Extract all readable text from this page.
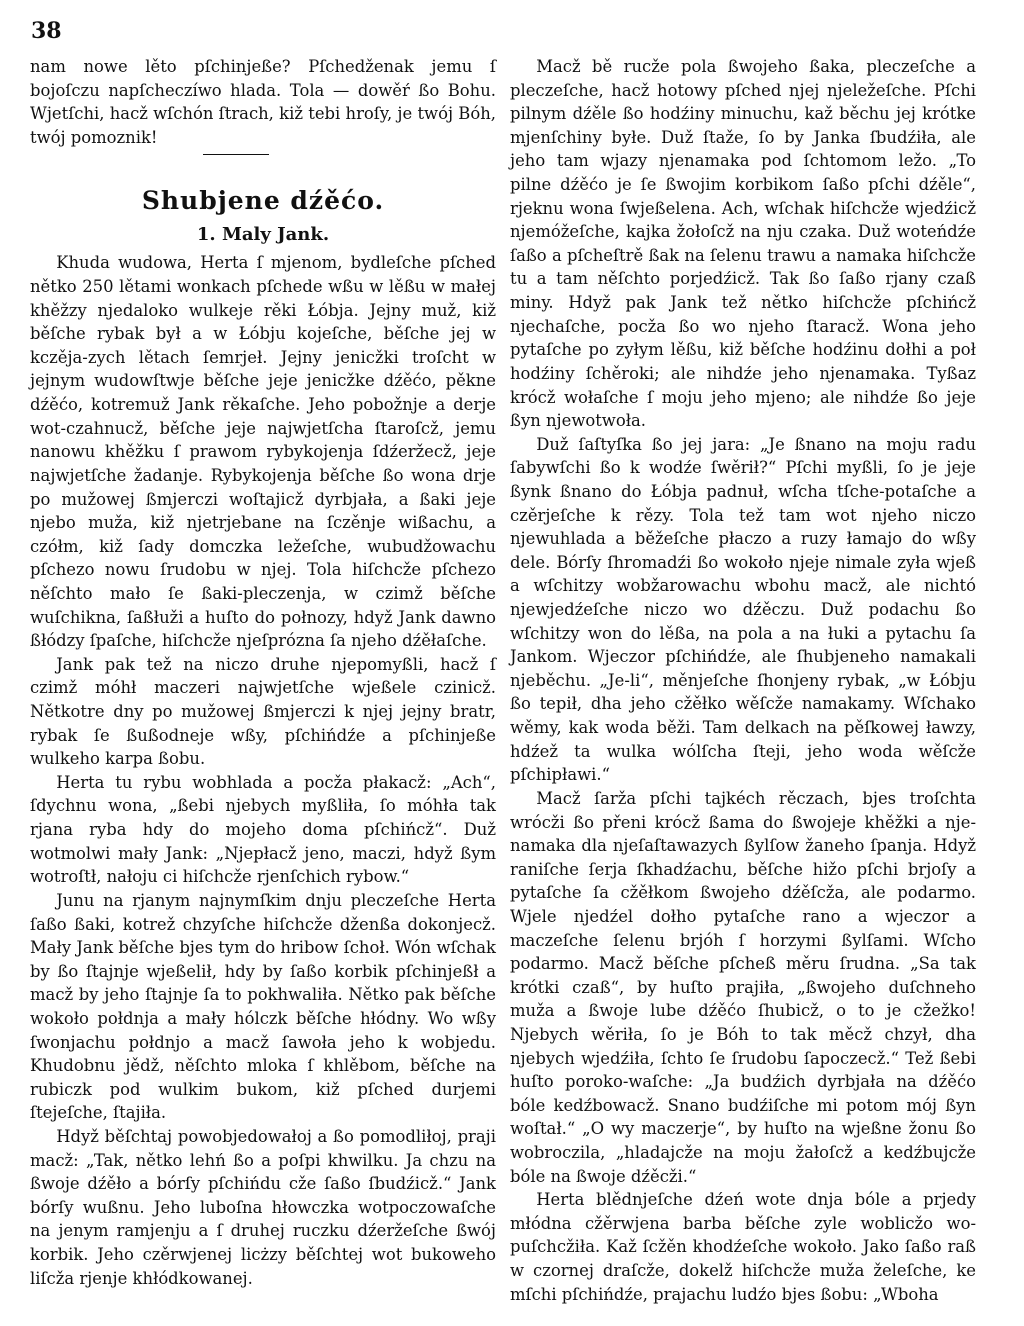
38

nam nowe lěto pſchinjeße? Pſchedženak jemu ſ bojoſczu napſcheczíwo hlada. Tola — dowěŕ ßo Bohu. Wjetſchi, hacž wſchón ſtrach, kiž tebi hroſy, je twój Bóh, twój pomoznik!

Shubjene dźěćo.
1. Maly Jank.

Khuda wudowa, Herta ſ mjenom, bydleſche pſched nětko 250 lětami wonkach pſchede wßu w lěßu w małej khěžzy njedaloko wulkeje rěki Łóbja. Jejny muž, kiž běſche rybak był a w Łóbju kojeſche, běſche jej w kczěja-zych lětach ſemrjeł. Jejny jenicžki troſcht w jejnym wudowſtwje běſche jeje jenicžke dźěćo, pěkne dźěćo, kotremuž Jank rěkaſche. Jeho pobožnje a derje wot-czahnucž, běſche jeje najwjetſcha ſtaroſcž, jemu nanowu khěžku ſ prawom rybykojenja ſdźeržecž, jeje najwjetſche žadanje. Rybykojenja běſche ßo wona drje po mužowej ßmjerczi woſtajicž dyrbjała, a ßaki jeje njebo muža, kiž njetrjebane na ſczěnje wißachu, a czółm, kiž ſady domczka ležeſche, wubudžowachu pſchezo nowu ſrudobu w njej. Tola hiſchcže pſchezo něſchto mało ſe ßaki-pleczenja, w czimž běſche wuſchikna, ſaßłuži a huſto do połnozy, hdyž Jank dawno ßłódzy ſpaſche, hiſchcže njeſprózna ſa njeho dźěłaſche.

Jank pak tež na niczo druhe njepomyßli, hacž ſ czimž móhł maczeri najwjetſche wjeßele czinicž. Nětkotre dny po mužowej ßmjerczi k njej jejny bratr, rybak ſe ßußodneje wßy, pſchińdźe a pſchinjeße wulkeho karpa ßobu.

Herta tu rybu wobhlada a pocža płakacž: „Ach“, ſdychnu wona, „ßebi njebych myßliła, ſo móhła tak rjana ryba hdy do mojeho doma pſchińcž“. Duž wotmolwi mały Jank: „Njepłacž jeno, maczi, hdyž ßym wotroſtł, nałoju ci hiſchcže rjenſchich rybow.“

Junu na rjanym najnymſkim dnju pleczeſche Herta ſaßo ßaki, kotrež chzyſche hiſchcže dženßa dokonjecž. Mały Jank běſche bjes tym do hribow ſchoł. Wón wſchak by ßo ſtajnje wjeßelił, hdy by ſaßo korbik pſchinjeßł a macž by jeho ſtajnje ſa to pokhwaliła. Nětko pak běſche wokoło połdnja a mały hólczk běſche hłódny. Wo wßy ſwonjachu połdnjo a macž ſawoła jeho k wobjedu. Khudobnu jědž, něſchto mloka ſ khlěbom, běſche na rubiczk pod wulkim bukom, kiž pſched durjemi ſtejeſche, ſtajiła.

Hdyž běſchtaj powobjedowałoj a ßo pomodliłoj, praji macž: „Tak, nětko lehń ßo a poſpi khwilku. Ja chzu na ßwoje dźěło a bórſy pſchińdu cže ſaßo ſbudźicž.“ Jank bórſy wußnu. Jeho luboſna hłowczka wotpoczowaſche na jenym ramjenju a ſ druhej ruczku dźeržeſche ßwój korbik. Jeho czěrwjenej licżzy běſchtej wot bukoweho liſcža rjenje khłódkowanej.

Macž bě rucže pola ßwojeho ßaka, pleczeſche a pleczeſche, hacž hotowy pſched njej njeležeſche. Pſchi pilnym dźěle ßo hodźiny minuchu, kaž běchu jej krótke mjenſchiny byłe. Duž ſtaže, ſo by Janka ſbudźiła, ale jeho tam wjazy njenamaka pod ſchtomom ležo. „To pilne dźěćo je ſe ßwojim korbikom ſaßo pſchi dźěle“, rjeknu wona ſwjeßelena. Ach, wſchak hiſchcže wjedźicž njemóžeſche, kajka žołoſcž na nju czaka. Duž woteńdźe ſaßo a pſcheſtrě ßak na ſelenu trawu a namaka hiſchcže tu a tam něſchto porjedźicž. Tak ßo ſaßo rjany czaß miny. Hdyž pak Jank tež nětko hiſchcže pſchińcž njechaſche, pocža ßo wo njeho ſtaracž. Wona jeho pytaſche po zyłym lěßu, kiž běſche hodźinu dołhi a poł hodźiny ſchěroki; ale nihdźe jeho njenamaka. Tyßaz krócž wołaſche ſ moju jeho mjeno; ale nihdźe ßo jeje ßyn njewotwoła.

Duž ſaſtyſka ßo jej jara: „Je ßnano na moju radu ſabywſchi ßo k wodźe ſwěrił?“ Pſchi myßli, ſo je jeje ßynk ßnano do Łóbja padnuł, wſcha tſche-potaſche a czěrjeſche k rězy. Tola tež tam wot njeho niczo njewuhlada a běžeſche płaczo a ruzy łamajo do wßy dele. Bórſy ſhromadźi ßo wokoło njeje nimale zyła wjeß a wſchitzy wobžarowachu wbohu macž, ale nichtó njewjedźeſche niczo wo dźěczu. Duž podachu ßo wſchitzy won do lěßa, na pola a na łuki a pytachu ſa Jankom. Wjeczor pſchińdźe, ale ſhubjeneho namakali njeběchu. „Je-li“, měnjeſche ſhonjeny rybak, „w Łóbju ßo tepił, dha jeho cžěłko wěſcže namakamy. Wſchako wěmy, kak woda běži. Tam delkach na pěſkowej ławzy, hdźež ta wulka wólſcha ſteji, jeho woda wěſcže pſchipławi.“

Macž ſarža pſchi tajkéch rěczach, bjes troſchta wrócži ßo přeni krócž ßama do ßwojeje khěžki a nje-namaka dla njeſaſtawazych ßylſow žaneho ſpanja. Hdyž raniſche ſerja ſkhadźachu, běſche hižo pſchi brjoſy a pytaſche ſa cžěłkom ßwojeho dźěſcža, ale podarmo. Wjele njedźel dołho pytaſche rano a wjeczor a maczeſche ſelenu brjóh ſ horzymi ßylſami. Wſcho podarmo. Macž běſche pſcheß měru ſrudna. „Sa tak krótki czaß“, by huſto prajiła, „ßwojeho duſchneho muža a ßwoje lube dźěćo ſhubicž, o to je cžežko! Njebych wěriła, ſo je Bóh to tak měcž chzył, dha njebych wjedźiła, ſchto ſe ſrudobu ſapoczecž.“ Tež ßebi huſto poroko-waſche: „Ja budźich dyrbjała na dźěćo bóle kedźbowacž. Snano budźiſche mi potom mój ßyn woſtał.“ „O wy maczerje“, by huſto na wjeßne žonu ßo wobroczila, „hladajcže na moju žałoſcž a kedźbujcže bóle na ßwoje dźěcži.“

Herta blědnjeſche dźeń wote dnja bóle a prjedy młódna cžěrwjena barba běſche zyle woblicžo wo-puſchcžiła. Kaž ſcžěn khodźeſche wokoło. Jako ſaßo raß w czornej draſcže, dokelž hiſchcže muža želeſche, ke mſchi pſchińdźe, prajachu ludźo bjes ßobu: „Wboha
